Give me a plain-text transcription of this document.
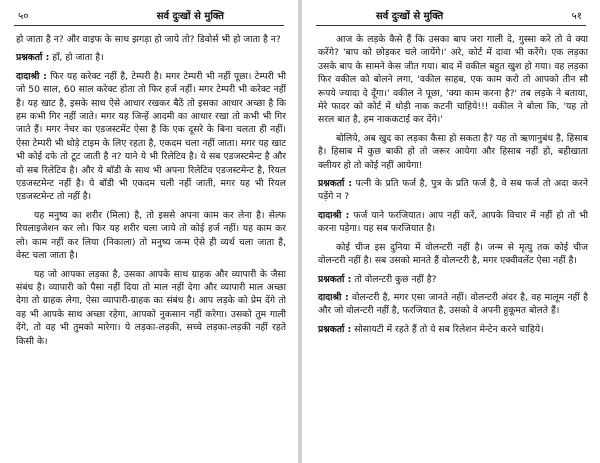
५०	सर्व दुःखों से मुक्ति

हो जाता है न? और वाइफ के साथ झगड़ा हो जाये तो? डिवोर्स भी हो जाता है न?

प्रश्नकर्ता : हाँ, हो जाता है।

दादाश्री : फिर यह करेक्ट नहीं है, टेम्परी है। मगर टेम्परी भी नहीं पूछा। टेम्परी भी जो 50 साल, 60 साल करेक्ट होता तो फिर हर्ज नहीं। मगर टेम्परी भी करेक्ट नहीं है। यह खाट है, इसके साथ ऐसे आधार रखकर बैठें तो इसका आधार अच्छा है कि हम कभी गिर नहीं जाते। मगर यह जिन्हें आदमी का आधार रखा तो कभी भी गिर जाते हैं। मगर नेचर का एडजस्टमेंट ऐसा है कि एक दूसरे के बिना चलता ही नहीं। ऐसा टेम्परी भी थोड़े टाइम के लिए रहता है, एकदम चला नहीं जाता। मगर यह खाट भी कोई दफे तो टूट जाती है न? याने ये भी रिलेटिव है। ये सब एडजस्टमेन्ट है और वो सब रिलेटिव है। और ये बॉडी के साथ भी अपना रिलेटिव एडजस्टमेन्ट है, रियल एडजस्टमेन्ट नहीं है। ये बॉडी भी एकदम चली नहीं जाती, मगर यह भी रियल एडजस्टमेन्ट तो नहीं है।

यह मनुष्य का शरीर (मिला) है, तो इससे अपना काम कर लेना है। सेल्फ रियलाइजेशन कर लो। फिर यह शरीर चला जाये तो कोई हर्ज नहीं। यह काम कर लो। काम नहीं कर लिया (निकाला) तो मनुष्य जन्म ऐसे ही व्यर्थ चला जाता है, वेस्ट चला जाता है।

यह जो आपका लड़का है, उसका आपके साथ ग्राहक और व्यापारी के जैसा संबंध है। व्यापारी को पैसा नहीं दिया तो माल नहीं देगा और व्यापारी माल अच्छा देगा तो ग्राहक लेगा, ऐसा व्यापारी-ग्राहक का संबंध है। आप लड़के को प्रेम देंगे तो वह भी आपके साथ अच्छा रहेगा, आपको नुकसान नहीं करेगा। उसको तुम गाली देंगे, तो वह भी तुमको मारेगा। ये लड़का-लड़की, सच्चे लड़का-लड़की नहीं रहते किसी के।

सर्व दुःखों से मुक्ति	५१

आज के लड़के कैसे हैं कि उसका बाप जरा गाली दे, गुस्सा करे तो वे क्या करेंगे? 'बाप को छोड़कर चले जायेंगे।' अरे, कोर्ट में दावा भी करेंगे। एक लड़का उसके बाप के सामने केस जीत गया। बाद में वकील बहुत खुश हो गया। वह लड़का फिर वकील को बोलने लगा, 'वकील साहब, एक काम करो तो आपको तीन सौ रूपये ज्यादा दे दूँगा।' वकील ने पूछा, 'क्या काम करना है?' तब लड़के ने बताया, मेरे फादर को कोर्ट में थोड़ी नाक कटनी चाहिये!!! वकील ने बोला कि, 'यह तो सरल बात है, हम नाककटाई कर देंगे।'

बोलिये, अब खुद का लड़का कैसा हो सकता है? यह तो ऋणानुबंध है, हिसाब है। हिसाब में कुछ बाकी हो तो जरूर आयेगा और हिसाब नहीं हो, बहीखाता क्लीयर हो तो कोई नहीं आयेगा!

प्रश्नकर्ता : पत्नी के प्रति फर्ज है, पुत्र के प्रति फर्ज है, वे सब फर्ज तो अदा करने पड़ेंगे न ?

दादाश्री : फर्ज याने फरजियात। आप नहीं करें, आपके विचार में नहीं हो तो भी करना पड़ेगा। यह सब फरजियात है।

कोई चीज इस दुनिया में वोलन्टरी नहीं है। जन्म से मृत्यु तक कोई चीज वोलन्टरी नहीं है। सब उसको मानते हैं वोलन्टरी है, मगर एक्वीवलेंट ऐसा नहीं है।

प्रश्नकर्ता : तो वोलन्टरी कुछ नहीं है?

दादाश्री : वोलन्टरी है, मगर एसा जानते नहीं। वोलन्टरी अंदर है, वह मालूम नहीं है और जो वोलन्टरी नहीं है, फरजियात है, उसको वे अपनी हुकूमत बोलते हैं।

प्रश्नकर्ता : सोसायटी में रहते हैं तो ये सब रिलेशन मेन्टेन करने चाहिये।
